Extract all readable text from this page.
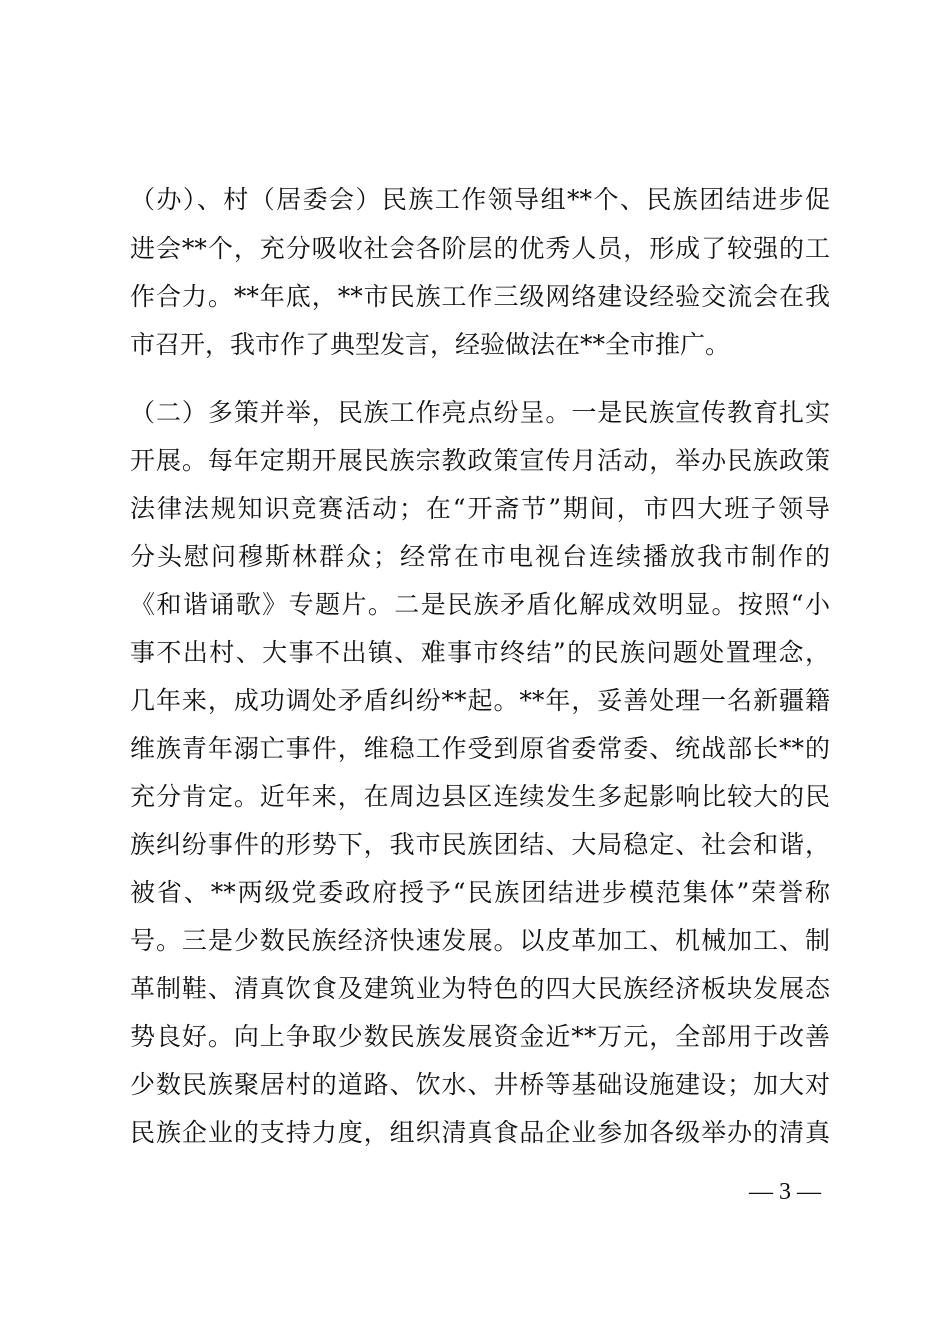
（办）、村（居委会）民族工作领导组**个、民族团结进步促
进会**个，充分吸收社会各阶层的优秀人员，形成了较强的工
作合力。**年底，**市民族工作三级网络建设经验交流会在我
市召开，我市作了典型发言，经验做法在**全市推广。
（二）多策并举，民族工作亮点纷呈。一是民族宣传教育扎实
开展。每年定期开展民族宗教政策宣传月活动，举办民族政策
法律法规知识竞赛活动；在“开斋节”期间，市四大班子领导
分头慰问穆斯林群众；经常在市电视台连续播放我市制作的
《和谐诵歌》专题片。二是民族矛盾化解成效明显。按照“小
事不出村、大事不出镇、难事市终结”的民族问题处置理念，
几年来，成功调处矛盾纠纷**起。**年，妥善处理一名新疆籍
维族青年溺亡事件，维稳工作受到原省委常委、统战部长**的
充分肯定。近年来，在周边县区连续发生多起影响比较大的民
族纠纷事件的形势下，我市民族团结、大局稳定、社会和谐，
被省、**两级党委政府授予“民族团结进步模范集体”荣誉称
号。三是少数民族经济快速发展。以皮革加工、机械加工、制
革制鞋、清真饮食及建筑业为特色的四大民族经济板块发展态
势良好。向上争取少数民族发展资金近**万元，全部用于改善
少数民族聚居村的道路、饮水、井桥等基础设施建设；加大对
民族企业的支持力度，组织清真食品企业参加各级举办的清真
— 3 —
